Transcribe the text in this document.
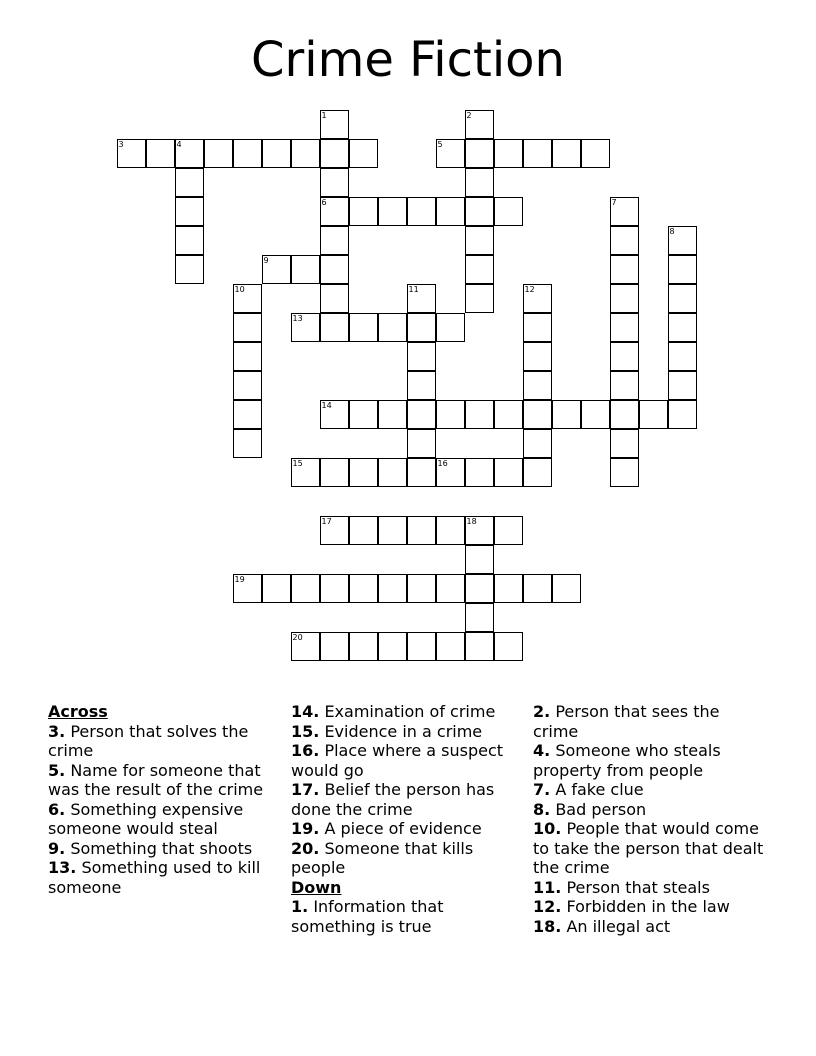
Crime Fiction
1
6
2
3	4	5
7
8
9
10	11	12
13
14
15	16
17	18
19
20
Across
3. Person that solves the crime
5. Name for someone that was the result of the crime
6. Something expensive someone would steal
9. Something that shoots
13. Something used to kill someone
14. Examination of crime
15. Evidence in a crime
16. Place where a suspect would go
17. Belief the person has done the crime
19. A piece of evidence
20. Someone that kills people
Down
1. Information that something is true
2. Person that sees the crime
4. Someone who steals property from people
7. A fake clue
8. Bad person
10. People that would come to take the person that dealt the crime
11. Person that steals
12. Forbidden in the law
18. An illegal act
